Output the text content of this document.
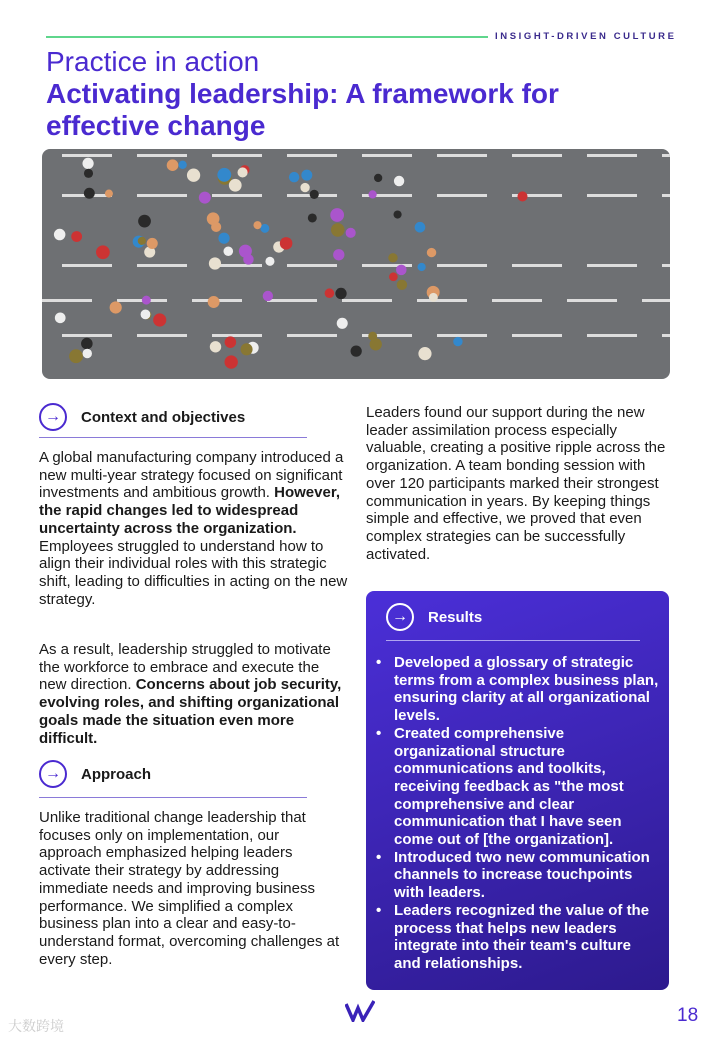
INSIGHT-DRIVEN CULTURE
Practice in action
Activating leadership: A framework for effective change
→	Context and objectives
A global manufacturing company introduced a new multi-year strategy focused on significant investments and ambitious growth. However, the rapid changes led to widespread uncertainty across the organization. Employees struggled to understand how to align their individual roles with this strategic shift, leading to difficulties in acting on the new strategy.
As a result, leadership struggled to motivate the workforce to embrace and execute the new direction. Concerns about job security, evolving roles, and shifting organizational goals made the situation even more difficult.
→	Approach
Unlike traditional change leadership that focuses only on implementation, our approach emphasized helping leaders activate their strategy by addressing immediate needs and improving business performance. We simplified a complex business plan into a clear and easy-to-understand format, overcoming challenges at every step.
Leaders found our support during the new leader assimilation process especially valuable, creating a positive ripple across the organization. A team bonding session with over 120 participants marked their strongest communication in years. By keeping things simple and effective, we proved that even complex strategies can be successfully activated.
→	Results
• Developed a glossary of strategic terms from a complex business plan, ensuring clarity at all organizational levels.
• Created comprehensive organizational structure communications and toolkits, receiving feedback as "the most comprehensive and clear communication that I have seen come out of [the organization].
• Introduced two new communication channels to increase touchpoints with leaders.
• Leaders recognized the value of the process that helps new leaders integrate into their team's culture and relationships.
18
大数跨境
